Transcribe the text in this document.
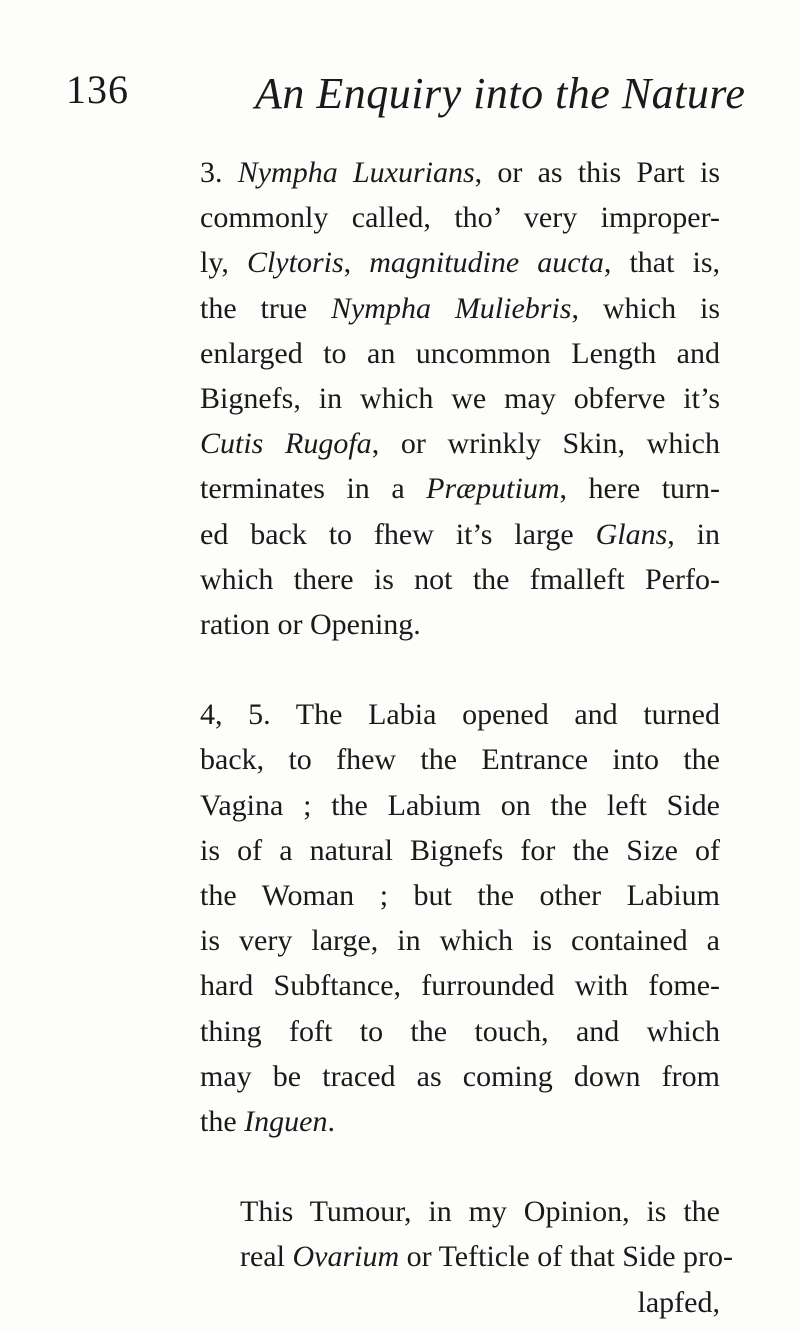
136	An Enquiry into the Nature
3. Nympha Luxurians, or as this Part is
commonly called, tho’ very improper-
ly, Clytoris, magnitudine aucta, that is,
the true Nympha Muliebris, which is
enlarged to an uncommon Length and
Bignefs, in which we may obferve it’s
Cutis Rugofa, or wrinkly Skin, which
terminates in a Præputium, here turn-
ed back to fhew it’s large Glans, in
which there is not the fmalleft Perfo-
ration or Opening.
4, 5. The Labia opened and turned
back, to fhew the Entrance into the
Vagina ; the Labium on the left Side
is of a natural Bignefs for the Size of
the Woman ; but the other Labium
is very large, in which is contained a
hard Subftance, furrounded with fome-
thing foft to the touch, and which
may be traced as coming down from
the Inguen.
This Tumour, in my Opinion, is the
real Ovarium or Tefticle of that Side pro-
lapfed,
